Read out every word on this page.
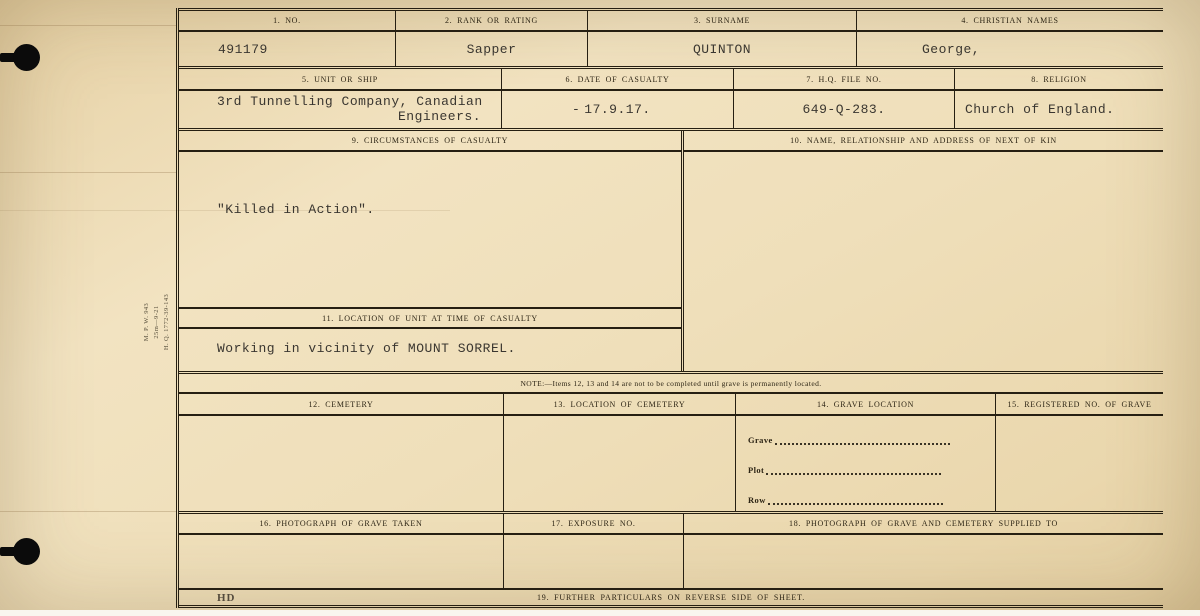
M. P. W. 943 25m—9-21 H. Q. 1772-39-143
1. NO.
491179
2. RANK OR RATING
Sapper
3. SURNAME
QUINTON
4. CHRISTIAN NAMES
George,
5. UNIT OR SHIP
3rd Tunnelling Company, Canadian
Engineers.
6. DATE OF CASUALTY
- 17.9.17.
7. H.Q. FILE NO.
649-Q-283.
8. RELIGION
Church of England.
9. CIRCUMSTANCES OF CASUALTY
"Killed in Action".
11. LOCATION OF UNIT AT TIME OF CASUALTY
Working in vicinity of MOUNT SORREL.
10. NAME, RELATIONSHIP AND ADDRESS OF NEXT OF KIN
NOTE:—Items 12, 13 and 14 are not to be completed until grave is permanently located.
12. CEMETERY	13. LOCATION OF CEMETERY	14. GRAVE LOCATION
Grave
Plot
Row
15. REGISTERED NO. OF GRAVE
16. PHOTOGRAPH OF GRAVE TAKEN	17. EXPOSURE NO.	18. PHOTOGRAPH OF GRAVE AND CEMETERY SUPPLIED TO
HD	19. FURTHER PARTICULARS ON REVERSE SIDE OF SHEET.
